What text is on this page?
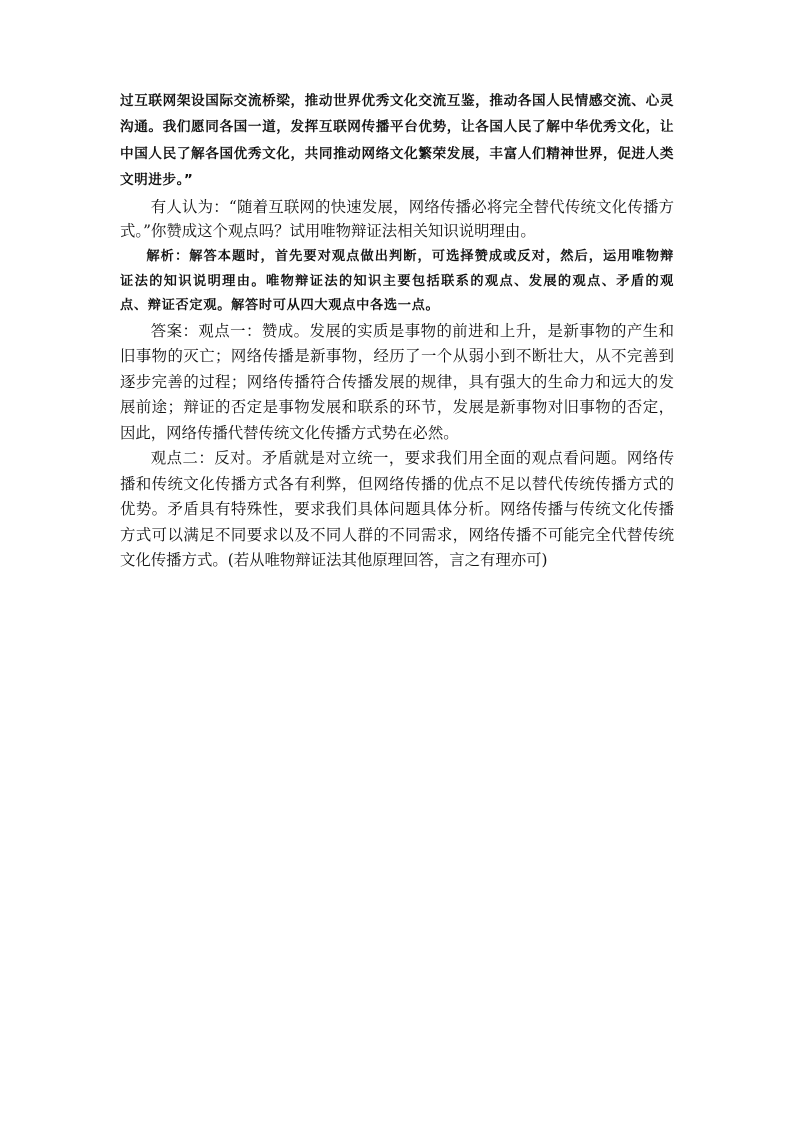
过互联网架设国际交流桥梁，推动世界优秀文化交流互鉴，推动各国人民情感交流、心灵沟通。我们愿同各国一道，发挥互联网传播平台优势，让各国人民了解中华优秀文化，让中国人民了解各国优秀文化，共同推动网络文化繁荣发展，丰富人们精神世界，促进人类文明进步。”

有人认为：“随着互联网的快速发展，网络传播必将完全替代传统文化传播方式。”你赞成这个观点吗？试用唯物辩证法相关知识说明理由。

解析：解答本题时，首先要对观点做出判断，可选择赞成或反对，然后，运用唯物辩证法的知识说明理由。唯物辩证法的知识主要包括联系的观点、发展的观点、矛盾的观点、辩证否定观。解答时可从四大观点中各选一点。

答案：观点一：赞成。发展的实质是事物的前进和上升，是新事物的产生和旧事物的灭亡；网络传播是新事物，经历了一个从弱小到不断壮大，从不完善到逐步完善的过程；网络传播符合传播发展的规律，具有强大的生命力和远大的发展前途；辩证的否定是事物发展和联系的环节，发展是新事物对旧事物的否定，因此，网络传播代替传统文化传播方式势在必然。

观点二：反对。矛盾就是对立统一，要求我们用全面的观点看问题。网络传播和传统文化传播方式各有利弊，但网络传播的优点不足以替代传统传播方式的优势。矛盾具有特殊性，要求我们具体问题具体分析。网络传播与传统文化传播方式可以满足不同要求以及不同人群的不同需求，网络传播不可能完全代替传统文化传播方式。(若从唯物辩证法其他原理回答，言之有理亦可)
